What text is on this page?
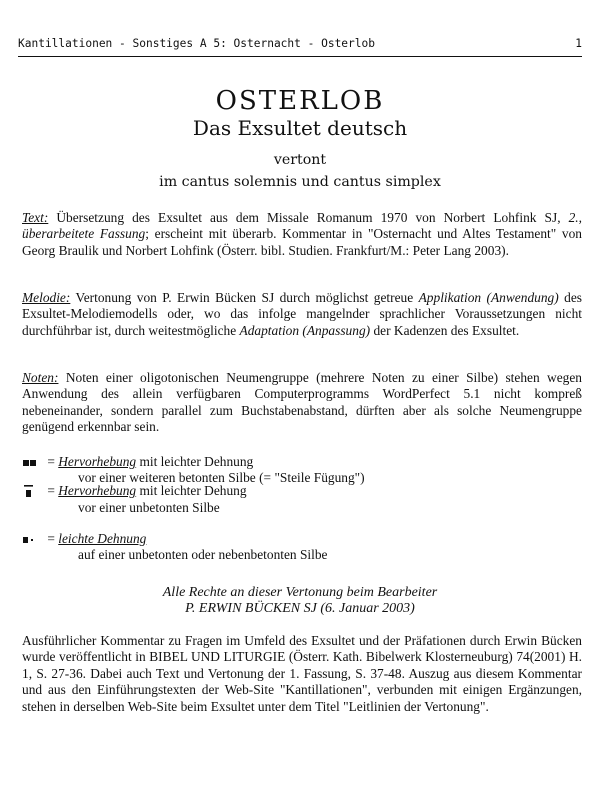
Kantillationen - Sonstiges A 5: Osternacht - Osterlob	1
OSTERLOB
Das Exsultet deutsch
vertont
im cantus solemnis und cantus simplex
Text: Übersetzung des Exsultet aus dem Missale Romanum 1970 von Norbert Lohfink SJ, 2., überarbeitete Fassung; erscheint mit überarb. Kommentar in "Osternacht und Altes Testament" von Georg Braulik und Norbert Lohfink (Österr. bibl. Studien. Frankfurt/M.: Peter Lang 2003).
Melodie: Vertonung von P. Erwin Bücken SJ durch möglichst getreue Applikation (Anwendung) des Exsultet-Melodiemodells oder, wo das infolge mangelnder sprachlicher Voraussetzungen nicht durchführbar ist, durch weitestmögliche Adaptation (Anpassung) der Kadenzen des Exsultet.
Noten: Noten einer oligotonischen Neumengruppe (mehrere Noten zu einer Silbe) stehen wegen Anwendung des allein verfügbaren Computerprogramms WordPerfect 5.1 nicht kompreß nebeneinander, sondern parallel zum Buchstabenabstand, dürften aber als solche Neumengruppe genügend erkennbar sein.
= Hervorhebung mit leichter Dehnung
vor einer weiteren betonten Silbe (= "Steile Fügung")
= Hervorhebung mit leichter Dehung
vor einer unbetonten Silbe
= leichte Dehnung
auf einer unbetonten oder nebenbetonten Silbe
Alle Rechte an dieser Vertonung beim Bearbeiter
P. ERWIN BÜCKEN SJ (6. Januar 2003)
Ausführlicher Kommentar zu Fragen im Umfeld des Exsultet und der Präfationen durch Erwin Bücken wurde veröffentlicht in BIBEL UND LITURGIE (Österr. Kath. Bibelwerk Klosterneuburg) 74(2001) H. 1, S. 27-36. Dabei auch Text und Vertonung der 1. Fassung, S. 37-48. Auszug aus diesem Kommentar und aus den Einführungstexten der Web-Site "Kantillationen", verbunden mit einigen Ergänzungen, stehen in derselben Web-Site beim Exsultet unter dem Titel "Leitlinien der Vertonung".
